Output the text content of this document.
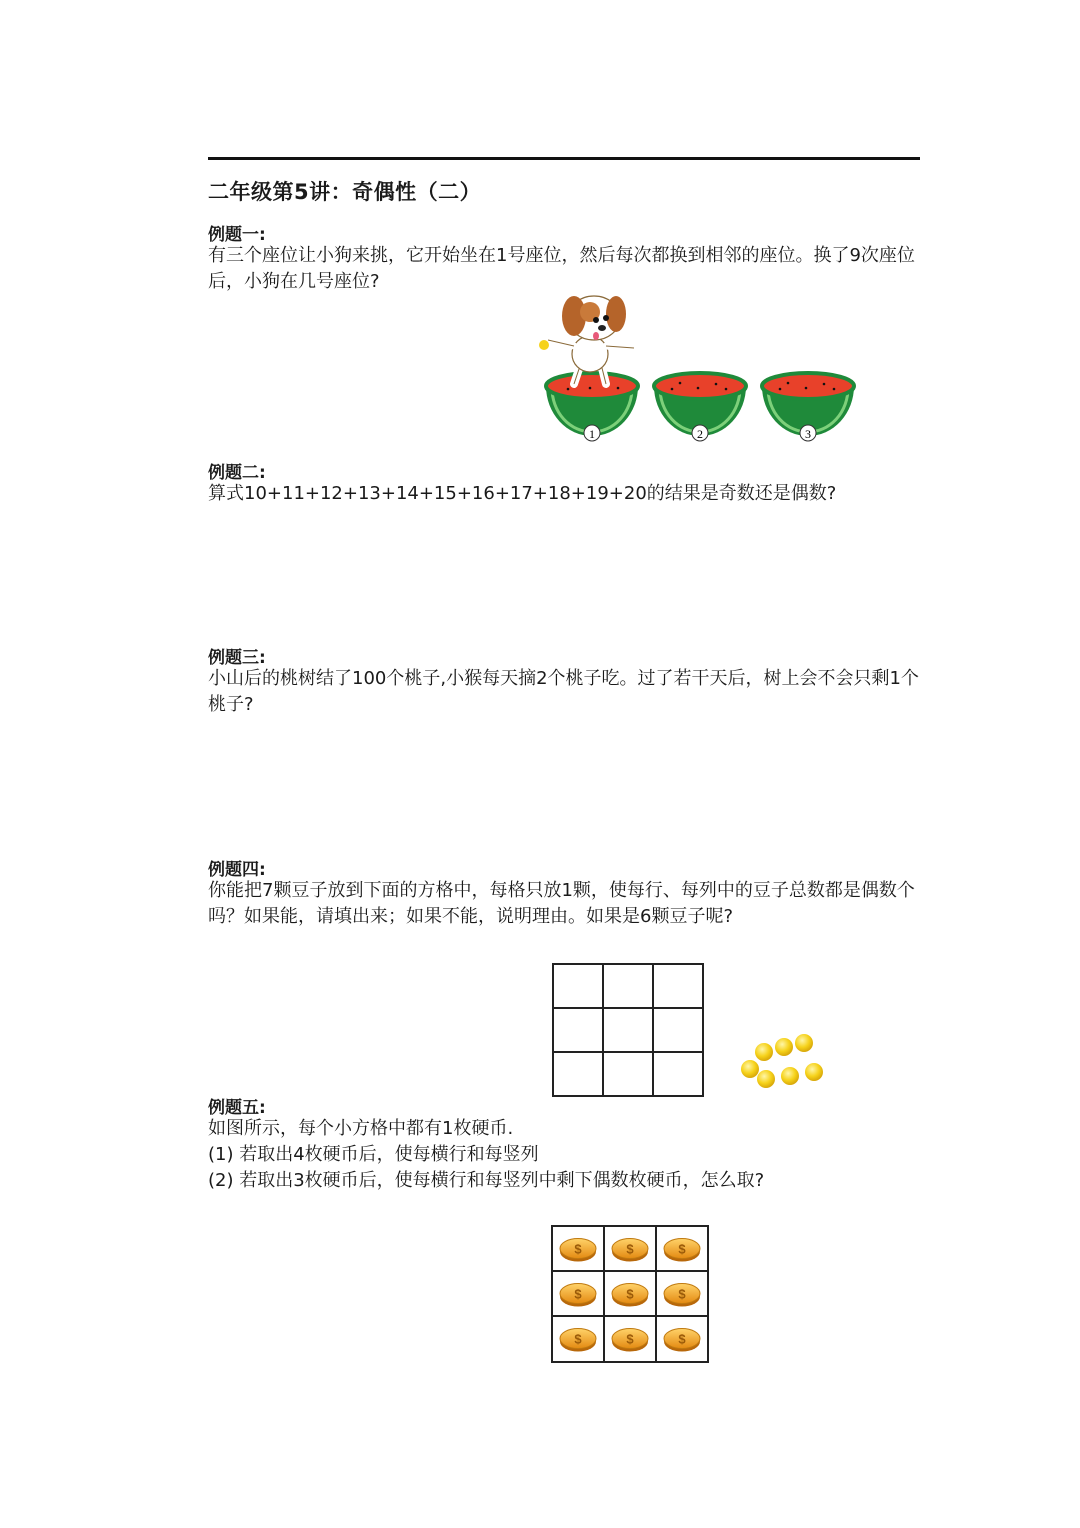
二年级第5讲：奇偶性（二）
例题一:
有三个座位让小狗来挑，它开始坐在1号座位，然后每次都换到相邻的座位。换了9次座位后，小狗在几号座位?
1	2	3
例题二:
算式10+11+12+13+14+15+16+17+18+19+20的结果是奇数还是偶数?
例题三:
小山后的桃树结了100个桃子,小猴每天摘2个桃子吃。过了若干天后，树上会不会只剩1个桃子?
例题四:
你能把7颗豆子放到下面的方格中，每格只放1颗，使每行、每列中的豆子总数都是偶数个吗？如果能，请填出来；如果不能，说明理由。如果是6颗豆子呢?

例题五:
如图所示，每个小方格中都有1枚硬币.
(1) 若取出4枚硬币后，使每横行和每竖列
(2) 若取出3枚硬币后，使每横行和每竖列中剩下偶数枚硬币，怎么取?
$	$	$
$	$	$
$	$	$
